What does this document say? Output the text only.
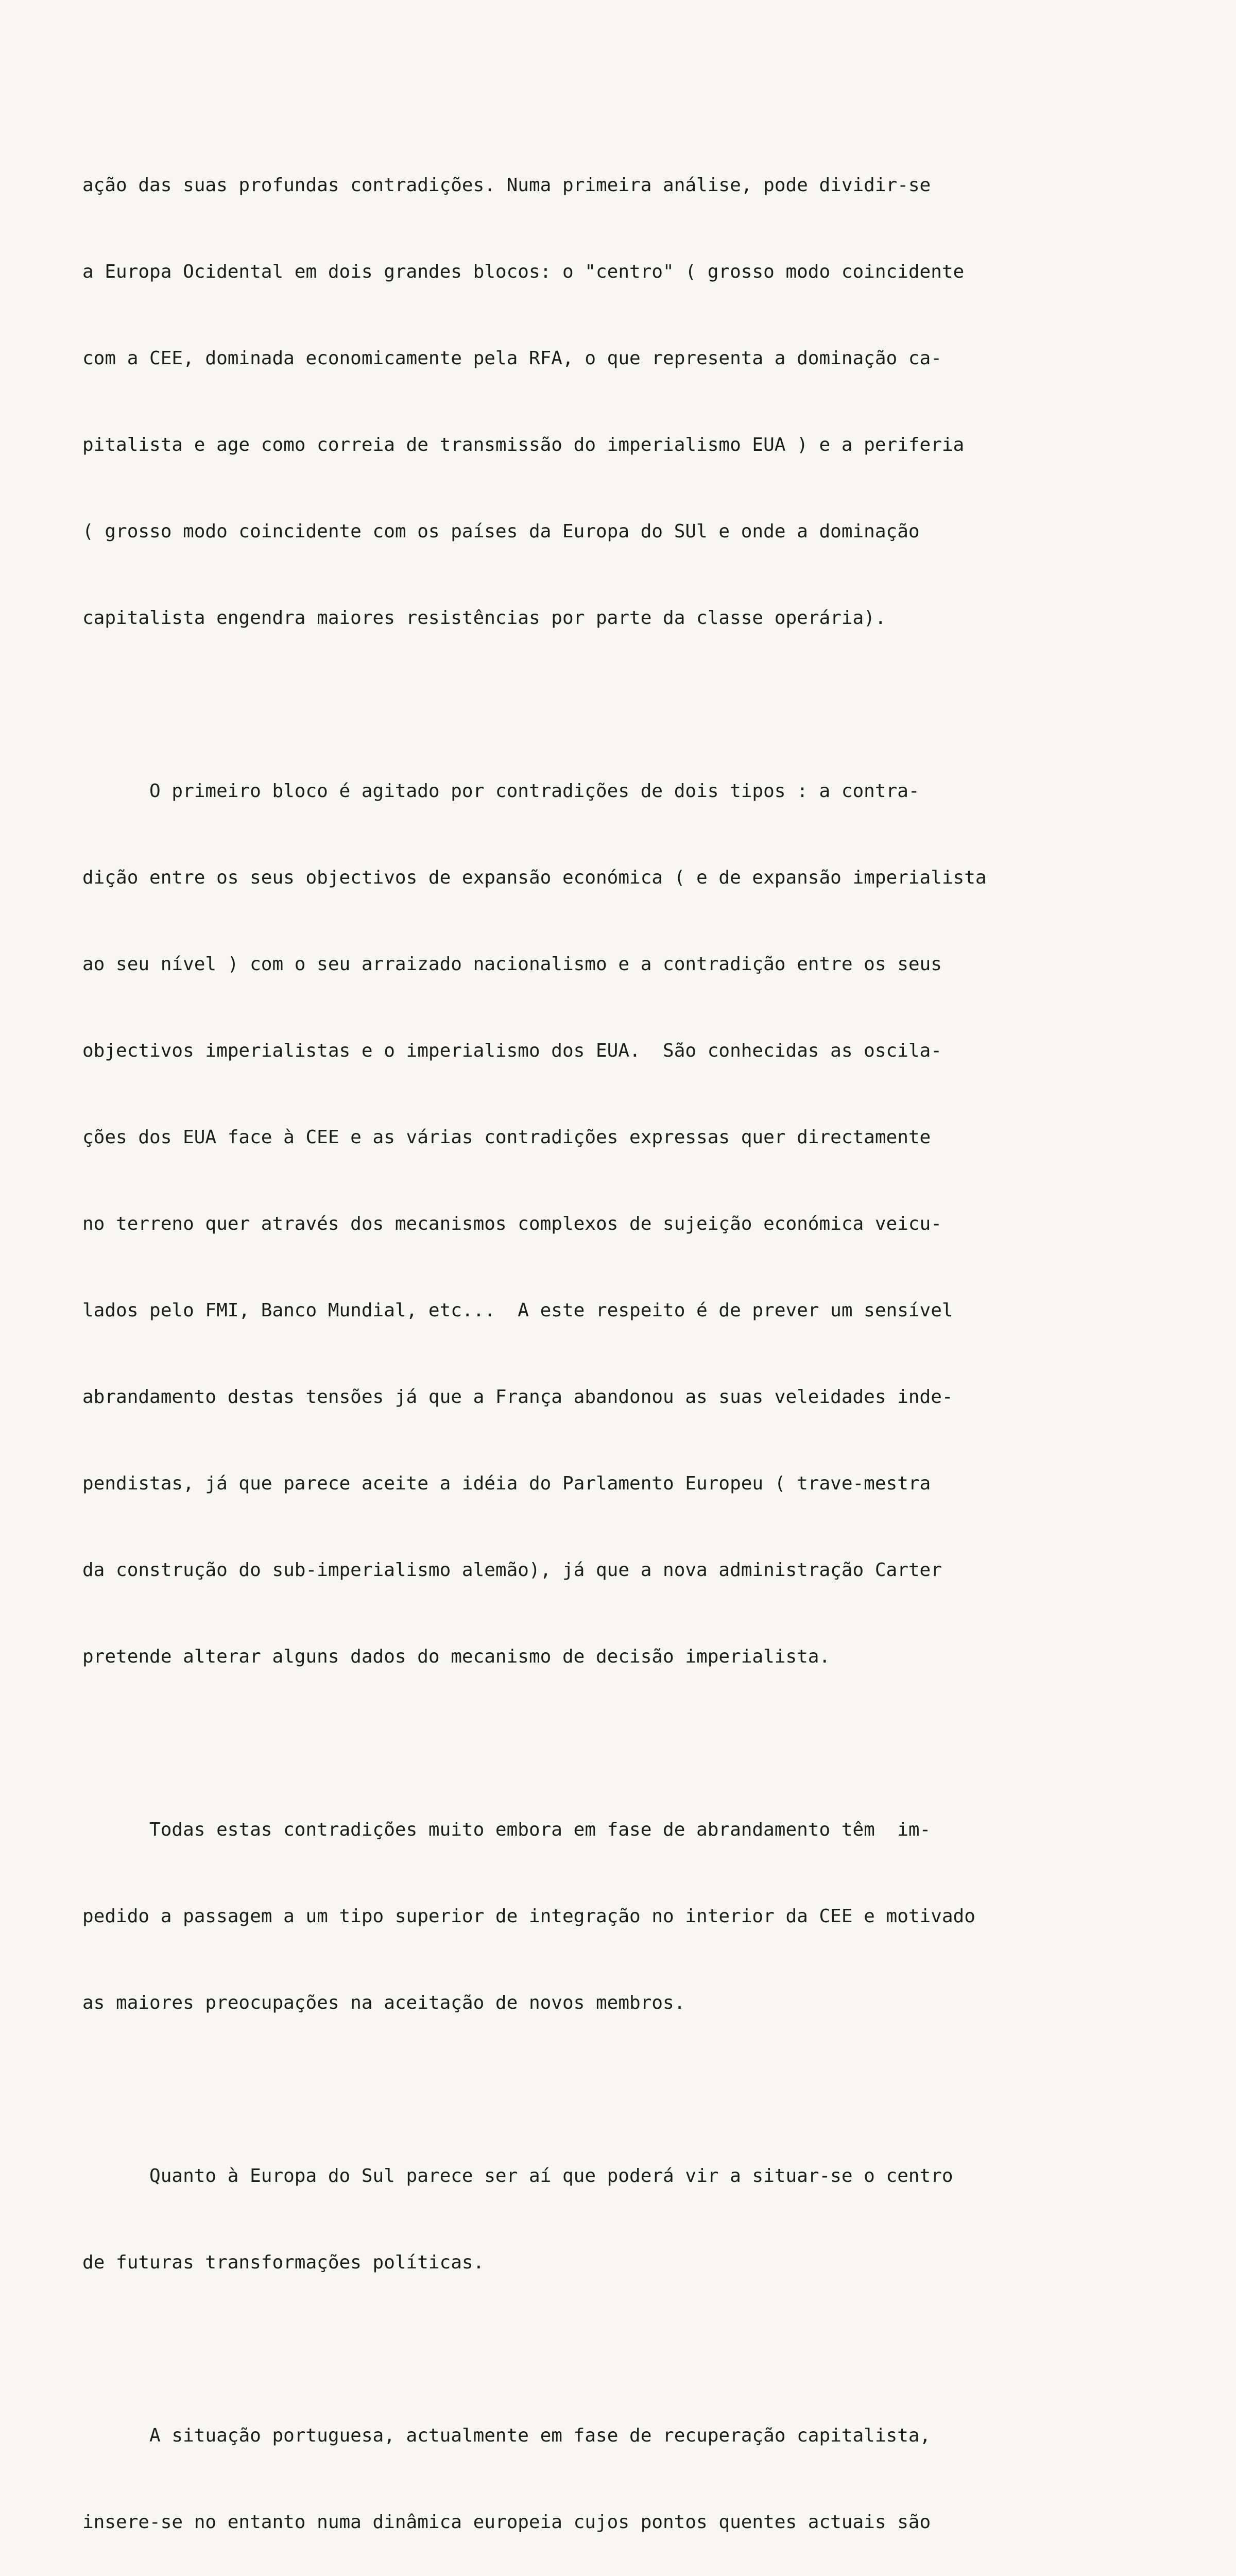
ação das suas profundas contradições. Numa primeira análise, pode dividir-se

a Europa Ocidental em dois grandes blocos: o "centro" ( grosso modo coincidente

com a CEE, dominada economicamente pela RFA, o que representa a dominação ca-

pitalista e age como correia de transmissão do imperialismo EUA ) e a periferia

( grosso modo coincidente com os países da Europa do SUl e onde a dominação

capitalista engendra maiores resistências por parte da classe operária).

O primeiro bloco é agitado por contradições de dois tipos : a contra-

dição entre os seus objectivos de expansão económica ( e de expansão imperialista

ao seu nível ) com o seu arraizado nacionalismo e a contradição entre os seus

objectivos imperialistas e o imperialismo dos EUA.  São conhecidas as oscila-

ções dos EUA face à CEE e as várias contradições expressas quer directamente

no terreno quer através dos mecanismos complexos de sujeição económica veicu-

lados pelo FMI, Banco Mundial, etc...  A este respeito é de prever um sensível

abrandamento destas tensões já que a França abandonou as suas veleidades inde-

pendistas, já que parece aceite a idéia do Parlamento Europeu ( trave-mestra

da construção do sub-imperialismo alemão), já que a nova administração Carter

pretende alterar alguns dados do mecanismo de decisão imperialista.

Todas estas contradições muito embora em fase de abrandamento têm  im-

pedido a passagem a um tipo superior de integração no interior da CEE e motivado

as maiores preocupações na aceitação de novos membros.

Quanto à Europa do Sul parece ser aí que poderá vir a situar-se o centro

de futuras transformações políticas.

A situação portuguesa, actualmente em fase de recuperação capitalista,

insere-se no entanto numa dinâmica europeia cujos pontos quentes actuais são
